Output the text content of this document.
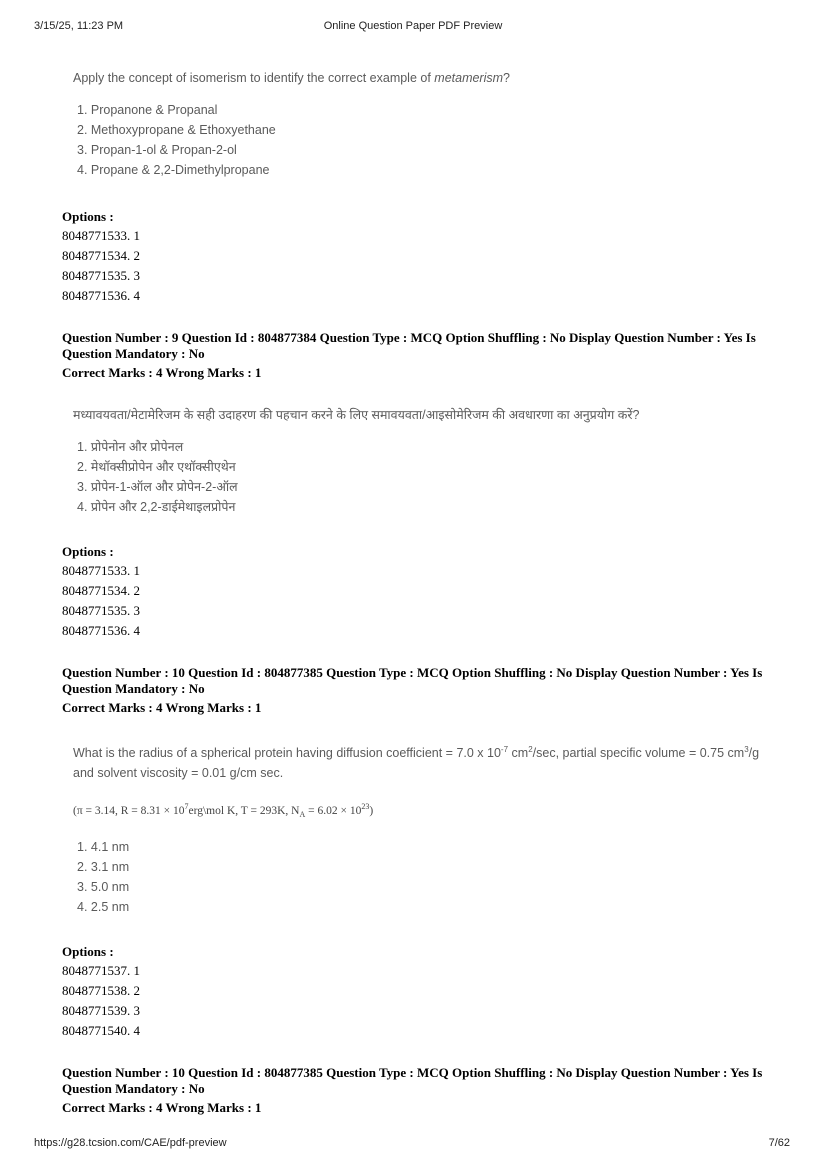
3/15/25, 11:23 PM	Online Question Paper PDF Preview
Apply the concept of isomerism to identify the correct example of metamerism?
1. Propanone & Propanal
2. Methoxypropane & Ethoxyethane
3. Propan-1-ol & Propan-2-ol
4. Propane & 2,2-Dimethylpropane
Options :
8048771533. 1
8048771534. 2
8048771535. 3
8048771536. 4
Question Number : 9 Question Id : 804877384 Question Type : MCQ Option Shuffling : No Display Question Number : Yes Is Question Mandatory : No
Correct Marks : 4 Wrong Marks : 1
मध्यावयवता/मेटामेरिजम के सही उदाहरण की पहचान करने के लिए समावयवता/आइसोमेरिजम की अवधारणा का अनुप्रयोग करें?
1. प्रोपेनोन और प्रोपेनल
2. मेथॉक्सीप्रोपेन और एथॉक्सीएथेन
3. प्रोपेन-1-ऑल और प्रोपेन-2-ऑल
4. प्रोपेन और 2,2-डाईमेथाइलप्रोपेन
Options :
8048771533. 1
8048771534. 2
8048771535. 3
8048771536. 4
Question Number : 10 Question Id : 804877385 Question Type : MCQ Option Shuffling : No Display Question Number : Yes Is Question Mandatory : No
Correct Marks : 4 Wrong Marks : 1
What is the radius of a spherical protein having diffusion coefficient = 7.0 x $10^{-7}$ $cm^2/\sec$, partial specific volume = 0.75 $cm^3/g$ and solvent viscosity = 0.01 g/cm sec.
(π = 3.14, $R = 8.31 \times 10^7erg\backslash mol$ K, T = 293K, $N_A = 6.02 \times 10^{23}$)
1. 4.1 nm
2. 3.1 nm
3. 5.0 nm
4. 2.5 nm
Options :
8048771537. 1
8048771538. 2
8048771539. 3
8048771540. 4
Question Number : 10 Question Id : 804877385 Question Type : MCQ Option Shuffling : No Display Question Number : Yes Is Question Mandatory : No
Correct Marks : 4 Wrong Marks : 1
https://g28.tcsion.com/CAE/pdf-preview	7/62
